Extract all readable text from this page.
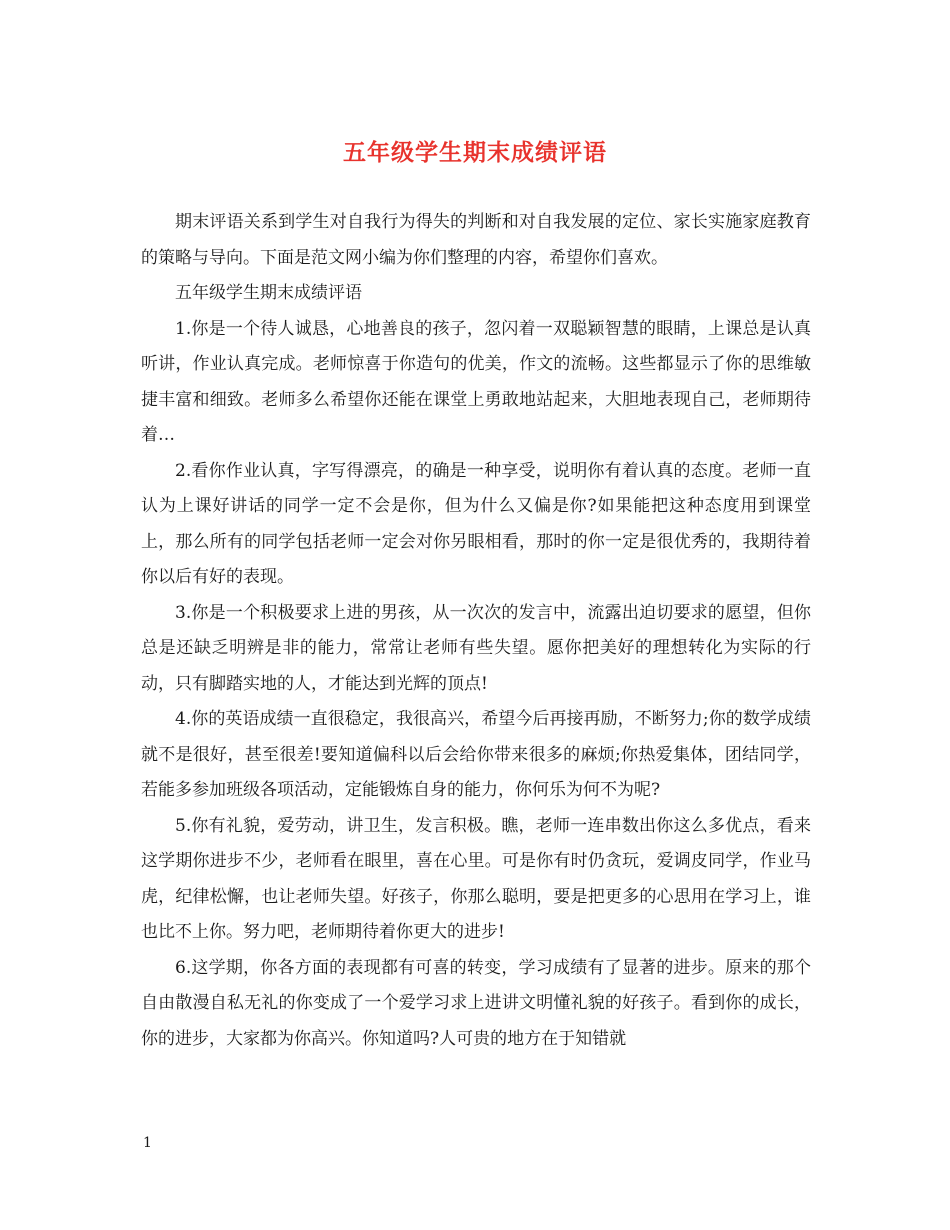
五年级学生期末成绩评语

期末评语关系到学生对自我行为得失的判断和对自我发展的定位、家长实施家庭教育的策略与导向。下面是范文网小编为你们整理的内容，希望你们喜欢。

五年级学生期末成绩评语

1.你是一个待人诚恳，心地善良的孩子，忽闪着一双聪颖智慧的眼睛，上课总是认真听讲，作业认真完成。老师惊喜于你造句的优美，作文的流畅。这些都显示了你的思维敏捷丰富和细致。老师多么希望你还能在课堂上勇敢地站起来，大胆地表现自己，老师期待着…

2.看你作业认真，字写得漂亮，的确是一种享受，说明你有着认真的态度。老师一直认为上课好讲话的同学一定不会是你，但为什么又偏是你?如果能把这种态度用到课堂上，那么所有的同学包括老师一定会对你另眼相看，那时的你一定是很优秀的，我期待着你以后有好的表现。

3.你是一个积极要求上进的男孩，从一次次的发言中，流露出迫切要求的愿望，但你总是还缺乏明辨是非的能力，常常让老师有些失望。愿你把美好的理想转化为实际的行动，只有脚踏实地的人，才能达到光辉的顶点!

4.你的英语成绩一直很稳定，我很高兴，希望今后再接再励，不断努力;你的数学成绩就不是很好，甚至很差!要知道偏科以后会给你带来很多的麻烦;你热爱集体，团结同学，若能多参加班级各项活动，定能锻炼自身的能力，你何乐为何不为呢?

5.你有礼貌，爱劳动，讲卫生，发言积极。瞧，老师一连串数出你这么多优点，看来这学期你进步不少，老师看在眼里，喜在心里。可是你有时仍贪玩，爱调皮同学，作业马虎，纪律松懈，也让老师失望。好孩子，你那么聪明，要是把更多的心思用在学习上，谁也比不上你。努力吧，老师期待着你更大的进步!

6.这学期，你各方面的表现都有可喜的转变，学习成绩有了显著的进步。原来的那个自由散漫自私无礼的你变成了一个爱学习求上进讲文明懂礼貌的好孩子。看到你的成长，你的进步，大家都为你高兴。你知道吗?人可贵的地方在于知错就

1
